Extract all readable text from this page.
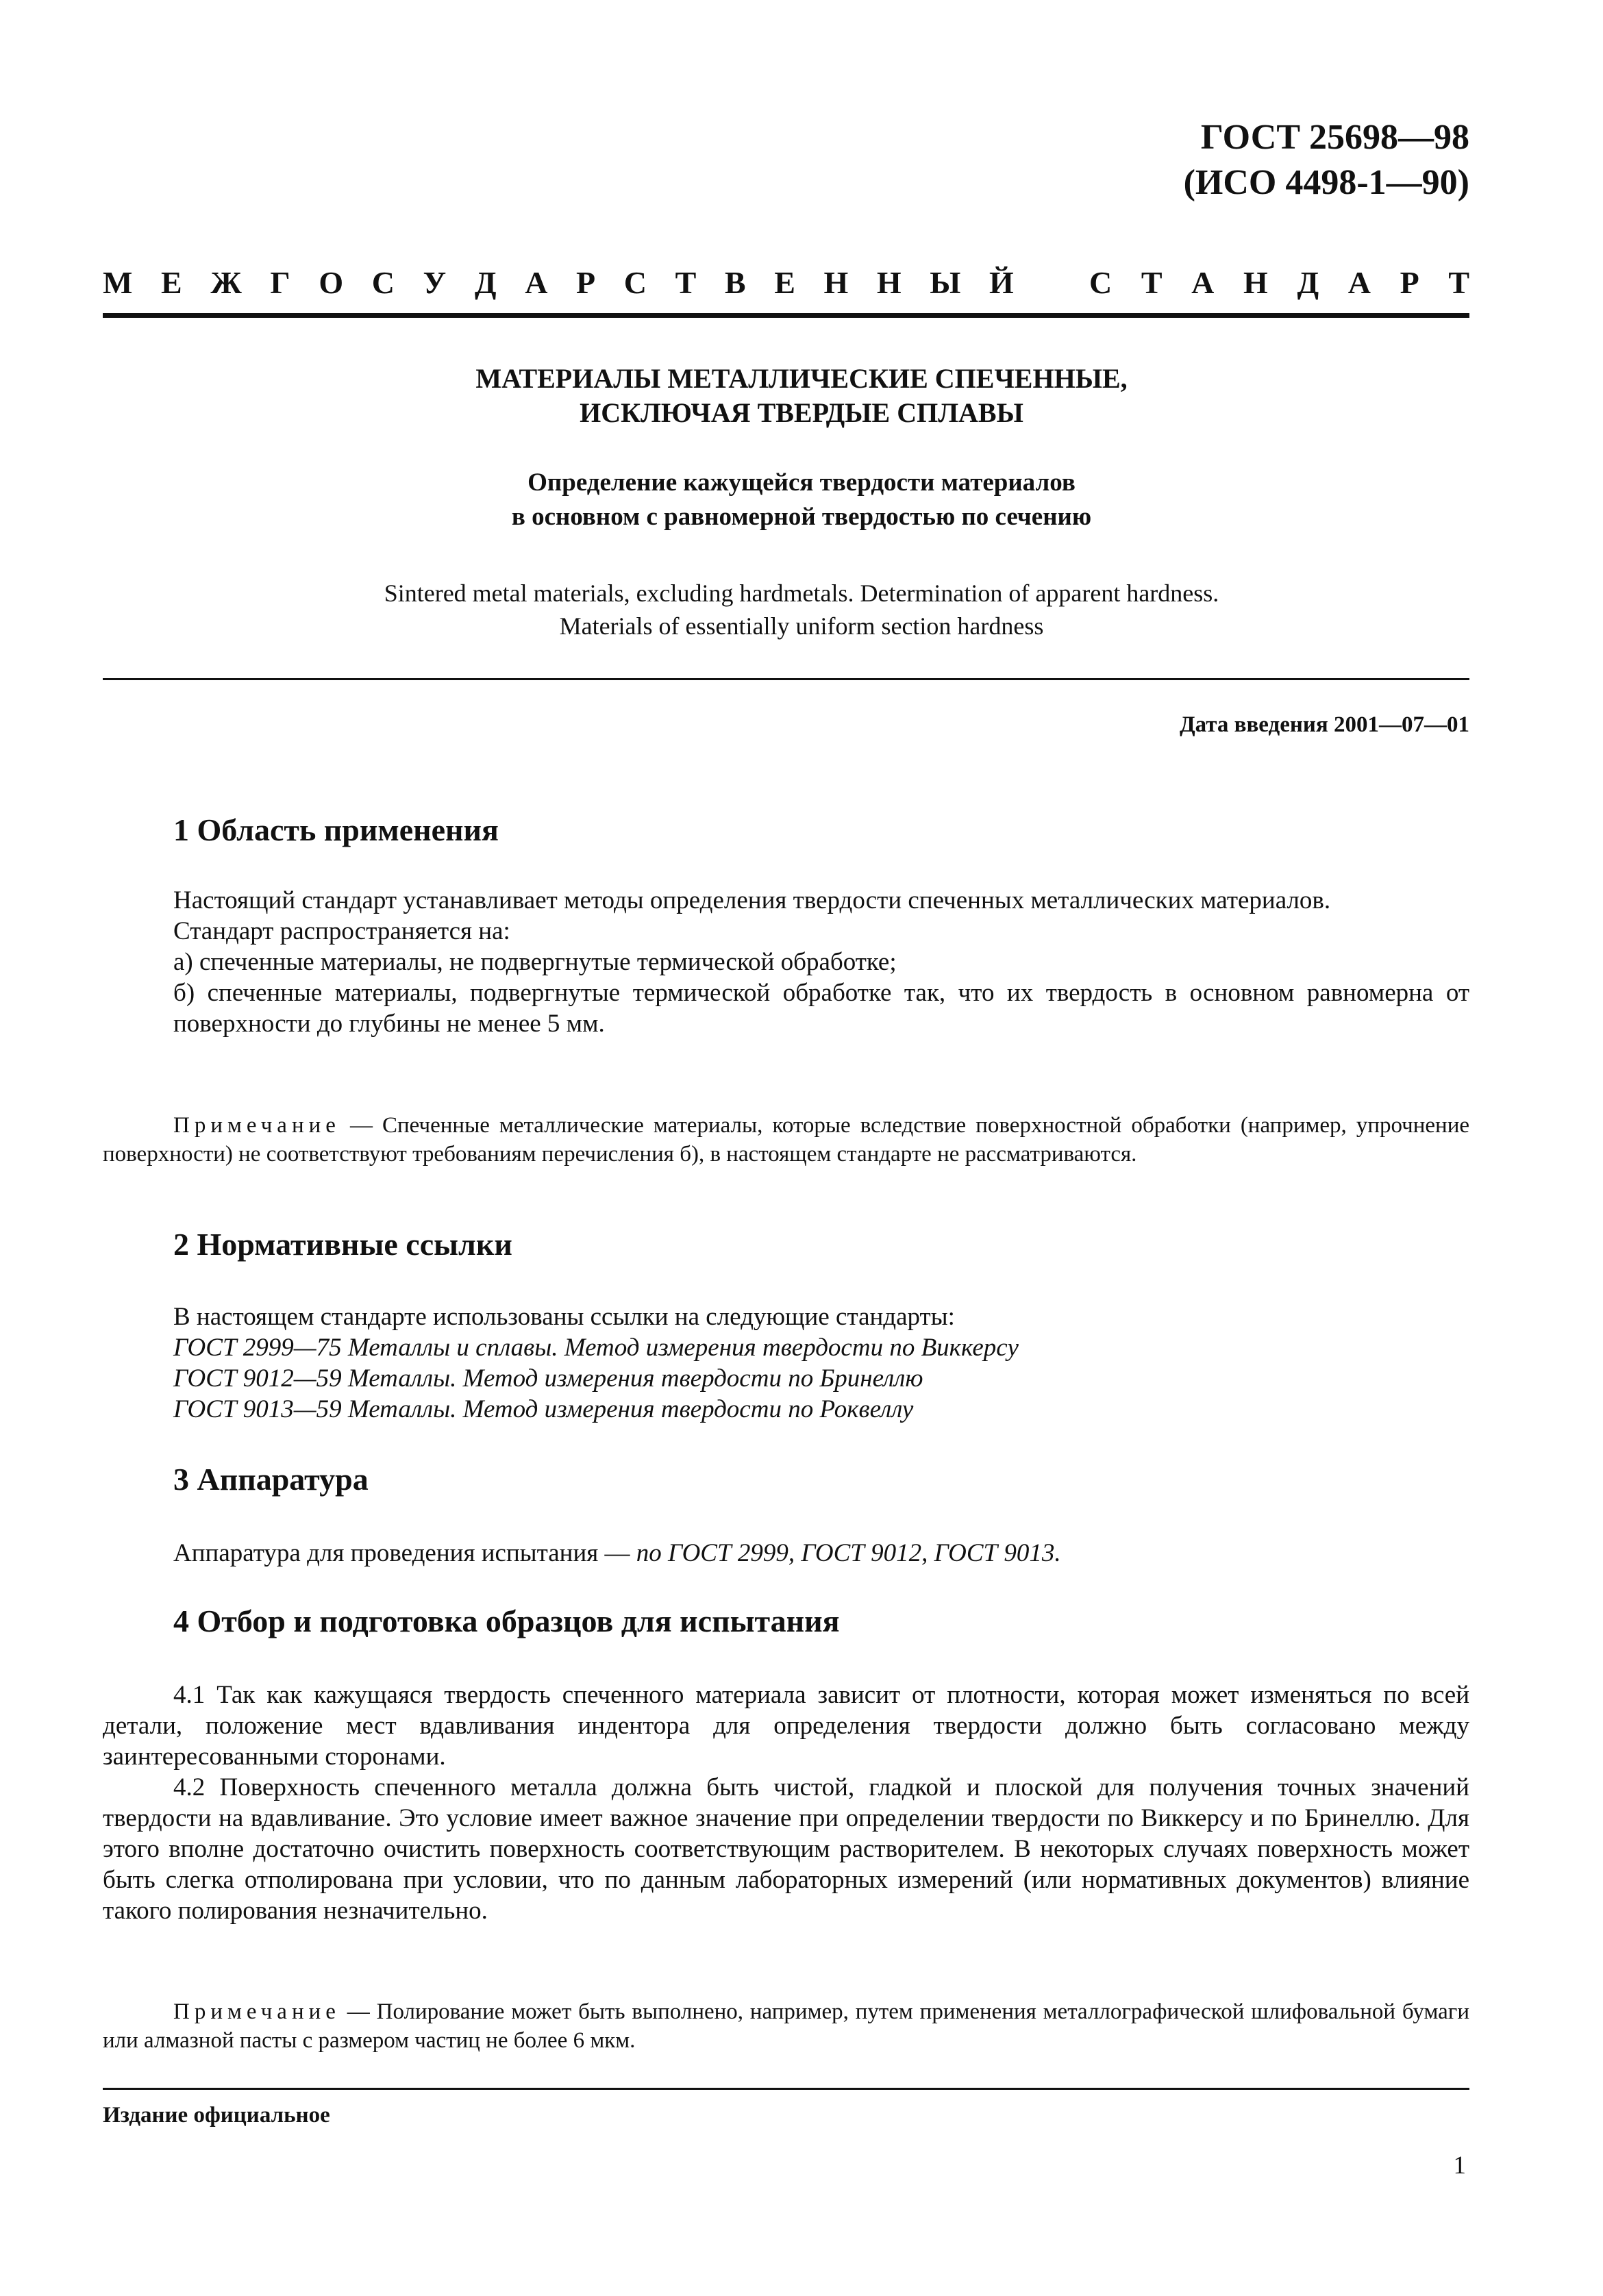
ГОСТ 25698—98
(ИСО 4498-1—90)
М Е Ж Г О С У Д А Р С Т В Е Н Н Ы Й С Т А Н Д А Р Т
МАТЕРИАЛЫ МЕТАЛЛИЧЕСКИЕ СПЕЧЕННЫЕ,
ИСКЛЮЧАЯ ТВЕРДЫЕ СПЛАВЫ
Определение кажущейся твердости материалов
в основном с равномерной твердостью по сечению
Sintered metal materials, excluding hardmetals. Determination of apparent hardness.
Materials of essentially uniform section hardness
Дата введения 2001—07—01
1 Область применения
Настоящий стандарт устанавливает методы определения твердости спеченных металлических материалов.
Стандарт распространяется на:
а) спеченные материалы, не подвергнутые термической обработке;
б) спеченные материалы, подвергнутые термической обработке так, что их твердость в основном равномерна от поверхности до глубины не менее 5 мм.
Примечание — Спеченные металлические материалы, которые вследствие поверхностной обработки (например, упрочнение поверхности) не соответствуют требованиям перечисления б), в настоящем стандарте не рассматриваются.
2 Нормативные ссылки
В настоящем стандарте использованы ссылки на следующие стандарты:
ГОСТ 2999—75 Металлы и сплавы. Метод измерения твердости по Виккерсу
ГОСТ 9012—59 Металлы. Метод измерения твердости по Бринеллю
ГОСТ 9013—59 Металлы. Метод измерения твердости по Роквеллу
3 Аппаратура
Аппаратура для проведения испытания — по ГОСТ 2999, ГОСТ 9012, ГОСТ 9013.
4 Отбор и подготовка образцов для испытания
4.1 Так как кажущаяся твердость спеченного материала зависит от плотности, которая может изменяться по всей детали, положение мест вдавливания индентора для определения твердости должно быть согласовано между заинтересованными сторонами.
4.2 Поверхность спеченного металла должна быть чистой, гладкой и плоской для получения точных значений твердости на вдавливание. Это условие имеет важное значение при определении твердости по Виккерсу и по Бринеллю. Для этого вполне достаточно очистить поверхность соответствующим растворителем. В некоторых случаях поверхность может быть слегка отполирована при условии, что по данным лабораторных измерений (или нормативных документов) влияние такого полирования незначительно.
Примечание — Полирование может быть выполнено, например, путем применения металлографической шлифовальной бумаги или алмазной пасты с размером частиц не более 6 мкм.
Издание официальное
1
